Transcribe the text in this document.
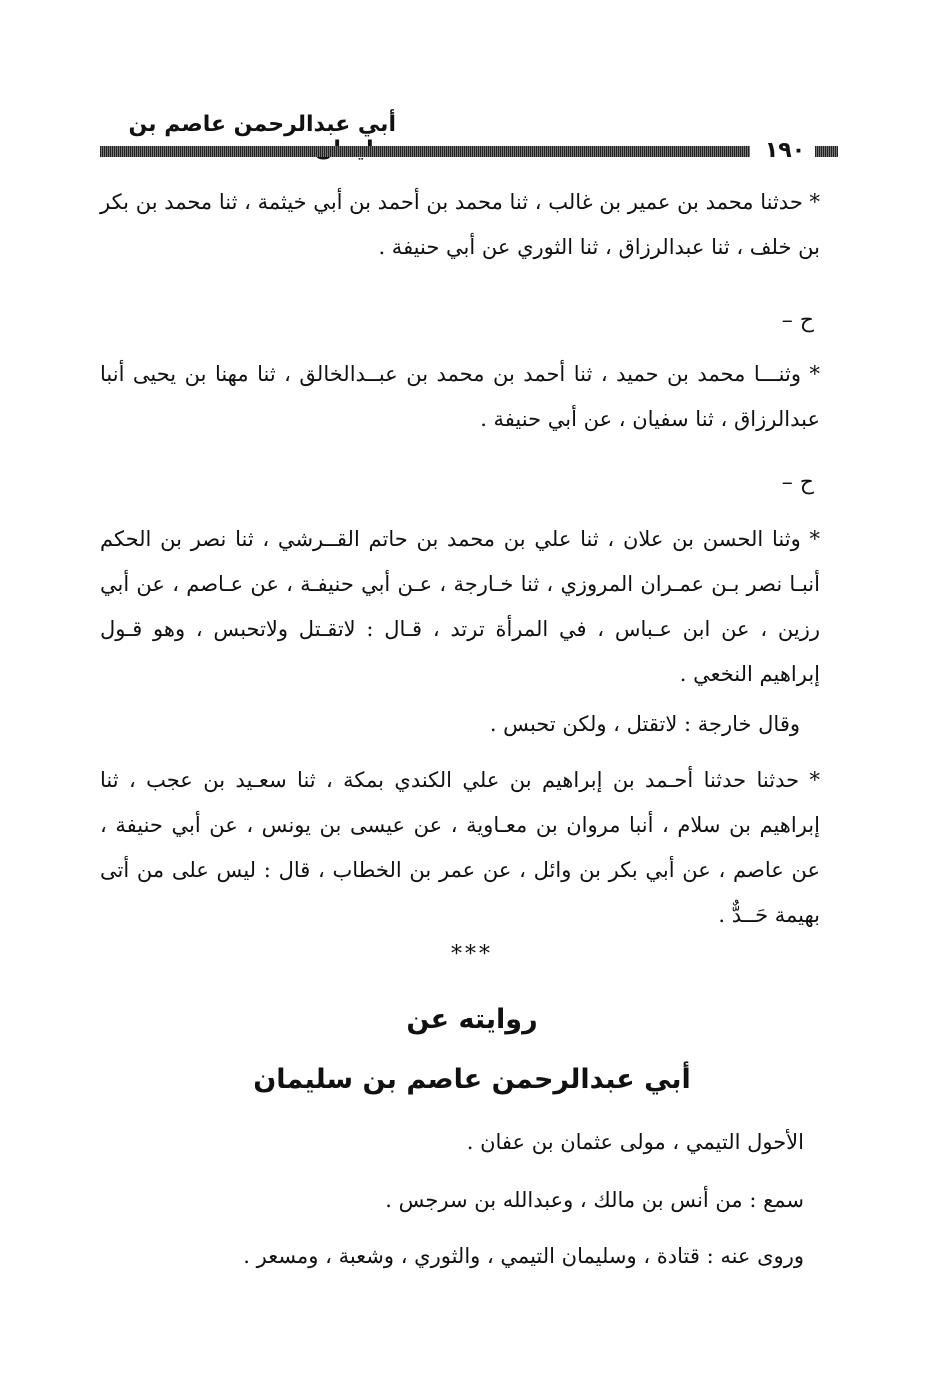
أبي عبدالرحمن عاصم بن
١٩٠

* حدثنا محمد بن عمير بن غالب ، ثنا محمد بن أحمد بن أبي خيثمة ، ثنا محمد بن بكر بن خلف ، ثنا عبدالرزاق ، ثنا الثوري عن أبي حنيفة .

ح –

* وثنـــا محمد بن حميد ، ثنا أحمد بن محمد بن عبــدالخالق ، ثنا مهنا بن يحيى أنبا عبدالرزاق ، ثنا سفيان ، عن أبي حنيفة .

ح –

* وثنا الحسن بن علان ، ثنا علي بن محمد بن حاتم القــرشي ، ثنا نصر بن الحكم أنبـا نصر بـن عمـران المروزي ، ثنا خـارجة ، عـن أبي حنيفـة ، عن عـاصم ، عن أبي رزين ، عن ابن عـباس ، في المرأة ترتد ، قـال : لاتقـتل ولاتحبس ، وهو قـول إبراهيم النخعي .

وقال خارجة : لاتقتل ، ولكن تحبس .

* حدثنا حدثنا أحـمد بن إبراهيم بن علي الكندي بمكة ، ثنا سعـيد بن عجب ، ثنا إبراهيم بن سلام ، أنبا مروان بن معـاوية ، عن عيسى بن يونس ، عن أبي حنيفة ، عن عاصم ، عن أبي بكر بن وائل ، عن عمر بن الخطاب ، قال : ليس على من أتى بهيمة حَــدٌّ .

***
روايته عن
أبي عبدالرحمن عاصم بن سليمان
الأحول التيمي ، مولى عثمان بن عفان .
سمع : من أنس بن مالك ، وعبدالله بن سرجس .
وروى عنه : قتادة ، وسليمان التيمي ، والثوري ، وشعبة ، ومسعر .
